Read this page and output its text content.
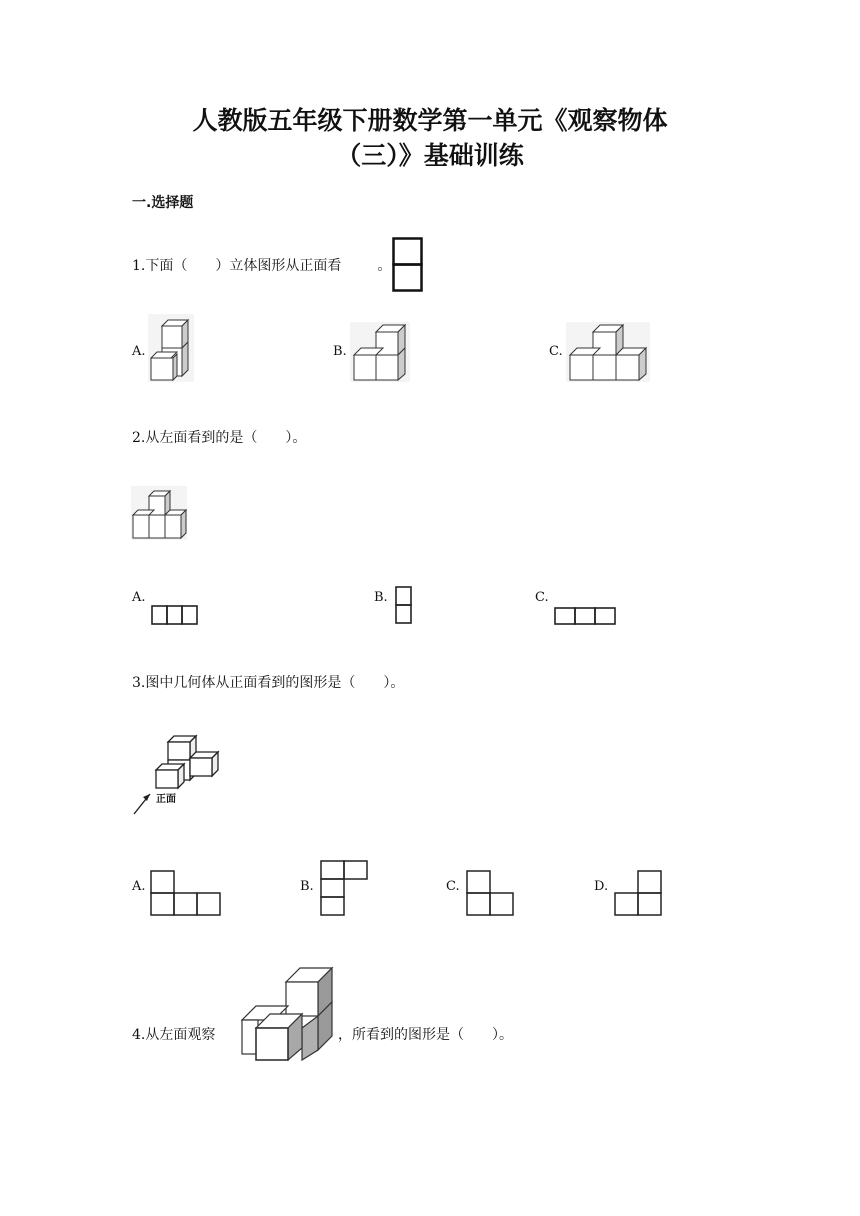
人教版五年级下册数学第一单元《观察物体
（三）》基础训练
一.选择题
1.下面（　　）立体图形从正面看	。
A.	B.	C.
2.从左面看到的是（　　）。
A.	B.	C.
3.图中几何体从正面看到的图形是（　　）。
正面
A.	B.	C.	D.
4.从左面观察	，所看到的图形是（　　）。
